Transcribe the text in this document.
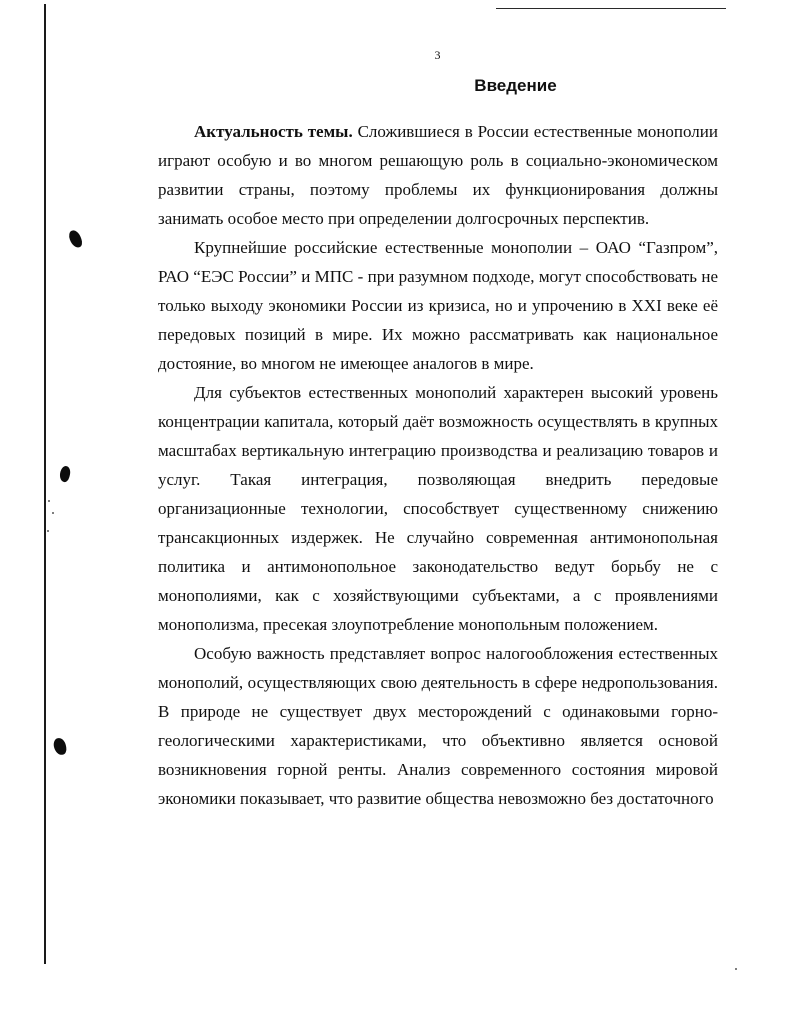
3
Введение

Актуальность темы. Сложившиеся в России естественные монополии играют особую и во многом решающую роль в социально-экономическом развитии страны, поэтому проблемы их функционирования должны занимать особое место при определении долгосрочных перспектив.

Крупнейшие российские естественные монополии – ОАО “Газпром”, РАО “ЕЭС России” и МПС - при разумном подходе, могут способствовать не только выходу экономики России из кризиса, но и упрочению в XXI веке её передовых позиций в мире. Их можно рассматривать как национальное достояние, во многом не имеющее аналогов в мире.

Для субъектов естественных монополий характерен высокий уровень концентрации капитала, который даёт возможность осуществлять в крупных масштабах вертикальную интеграцию производства и реализацию товаров и услуг. Такая интеграция, позволяющая внедрить передовые организационные технологии, способствует существенному снижению трансакционных издержек. Не случайно современная антимонопольная политика и антимонопольное законодательство ведут борьбу не с монополиями, как с хозяйствующими субъектами, а с проявлениями монополизма, пресекая злоупотребление монопольным положением.

Особую важность представляет вопрос налогообложения естественных монополий, осуществляющих свою деятельность в сфере недропользования. В природе не существует двух месторождений с одинаковыми горно-геологическими характеристиками, что объективно является основой возникновения горной ренты. Анализ современного состояния мировой экономики показывает, что развитие общества невозможно без достаточного
